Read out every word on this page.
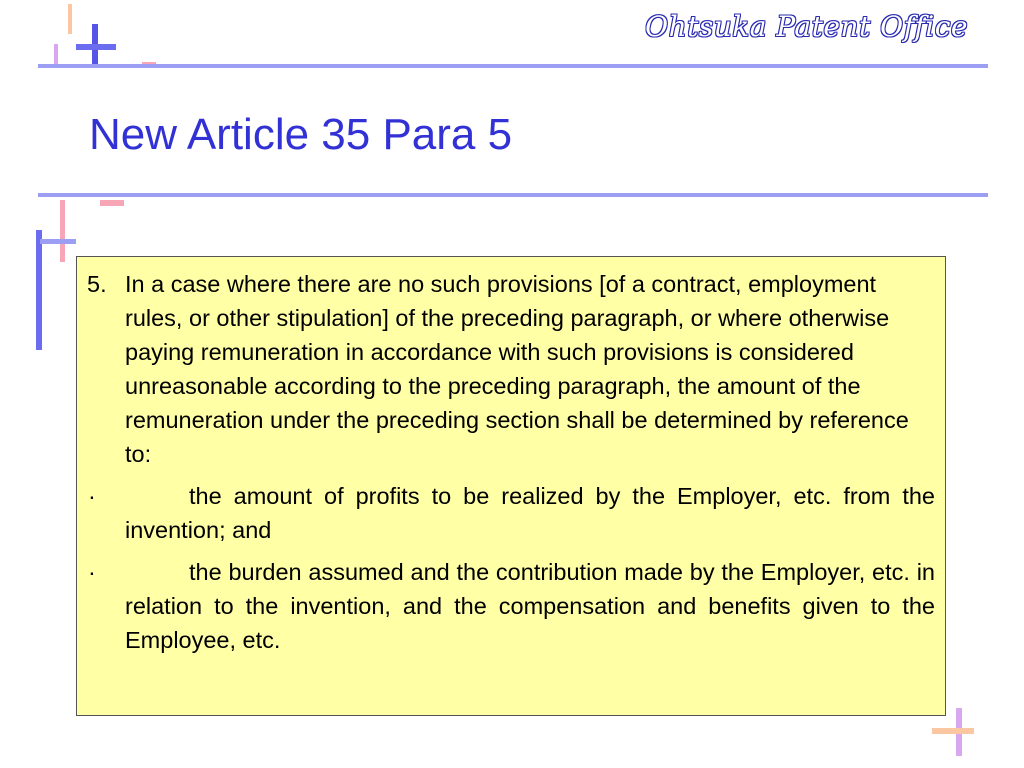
Ohtsuka Patent Office
New Article 35 Para 5
5. In a case where there are no such provisions [of a contract, employment rules, or other stipulation] of the preceding paragraph, or where otherwise paying remuneration in accordance with such provisions is considered unreasonable according to the preceding paragraph, the amount of the remuneration under the preceding section shall be determined by reference to:
·	the amount of profits to be realized by the Employer, etc. from the invention; and
·	the burden assumed and the contribution made by the Employer, etc. in relation to the invention, and the compensation and benefits given to the Employee, etc.
